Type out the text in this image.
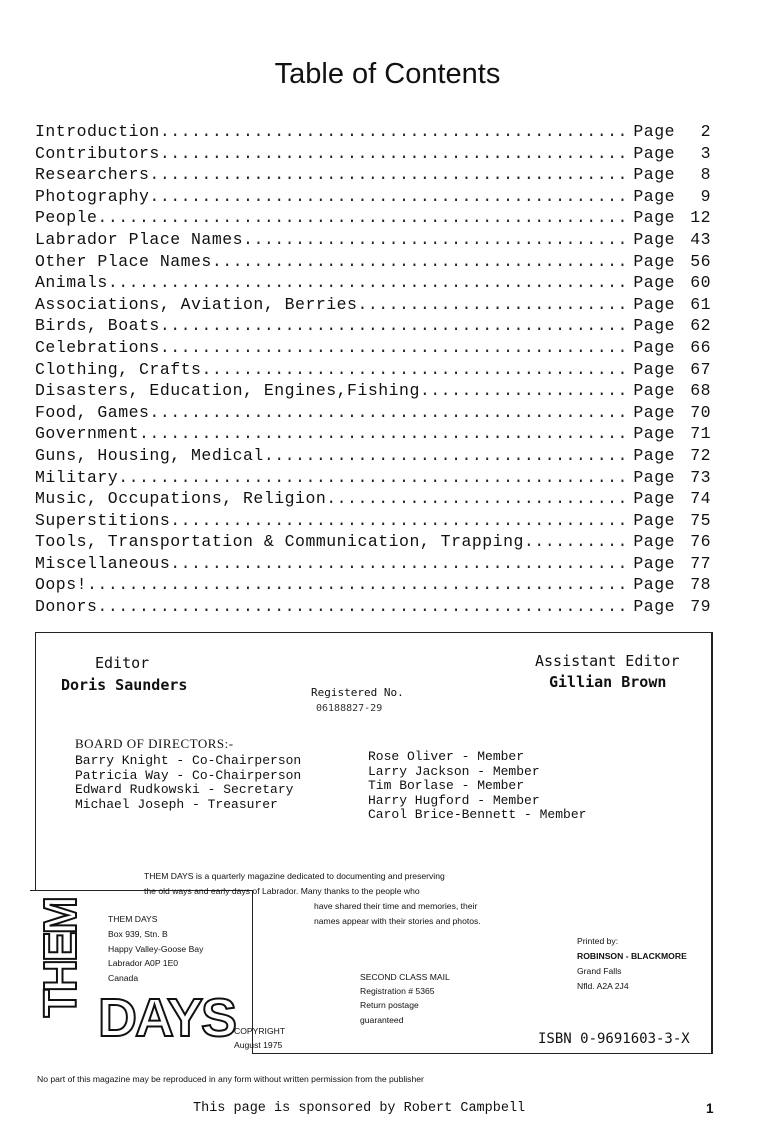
Table of Contents
Introduction .....	Page	2
Contributors .....	Page	3
Researchers .....	Page	8
Photography .....	Page	9
People .....	Page 12
Labrador Place Names .....	Page 43
Other Place Names .....	Page 56
Animals .....	Page 60
Associations, Aviation, Berries .....	Page 61
Birds, Boats .....	Page 62
Celebrations .....	Page 66
Clothing, Crafts .....	Page 67
Disasters, Education, Engines,Fishing .....	Page 68
Food, Games .....	Page 70
Government .....	Page 71
Guns, Housing, Medical .....	Page 72
Military .....	Page 73
Music, Occupations, Religion .....	Page 74
Superstitions .....	Page 75
Tools, Transportation & Communication, Trapping .....	Page 76
Miscellaneous .....	Page 77
Oops! .....	Page 78
Donors .....	Page 79
THEM
DAYS
Editor
Doris Saunders
Assistant Editor
Gillian Brown
Registered No.
06188827-29
BOARD OF DIRECTORS:-
Barry Knight - Co-Chairperson
Patricia Way - Co-Chairperson
Edward Rudkowski - Secretary
Michael Joseph - Treasurer
Rose Oliver - Member
Larry Jackson - Member
Tim Borlase - Member
Harry Hugford - Member
Carol Brice-Bennett - Member
THEM DAYS is a quarterly magazine dedicated to documenting and preserving
the old ways and early days of Labrador. Many thanks to the people who
have shared their time and memories, their
names appear with their stories and photos.
THEM DAYS
Box 939, Stn. B
Happy Valley-Goose Bay
Labrador A0P 1E0
Canada	SECOND CLASS MAIL
Registration # 5365
Return postage
guaranteed
Printed by:
ROBINSON - BLACKMORE
Grand Falls
Nfld. A2A 2J4
COPYRIGHT
August 1975	ISBN 0-9691603-3-X
No part of this magazine may be reproduced in any form without written permission from the publisher
This page is sponsored by Robert Campbell	1
